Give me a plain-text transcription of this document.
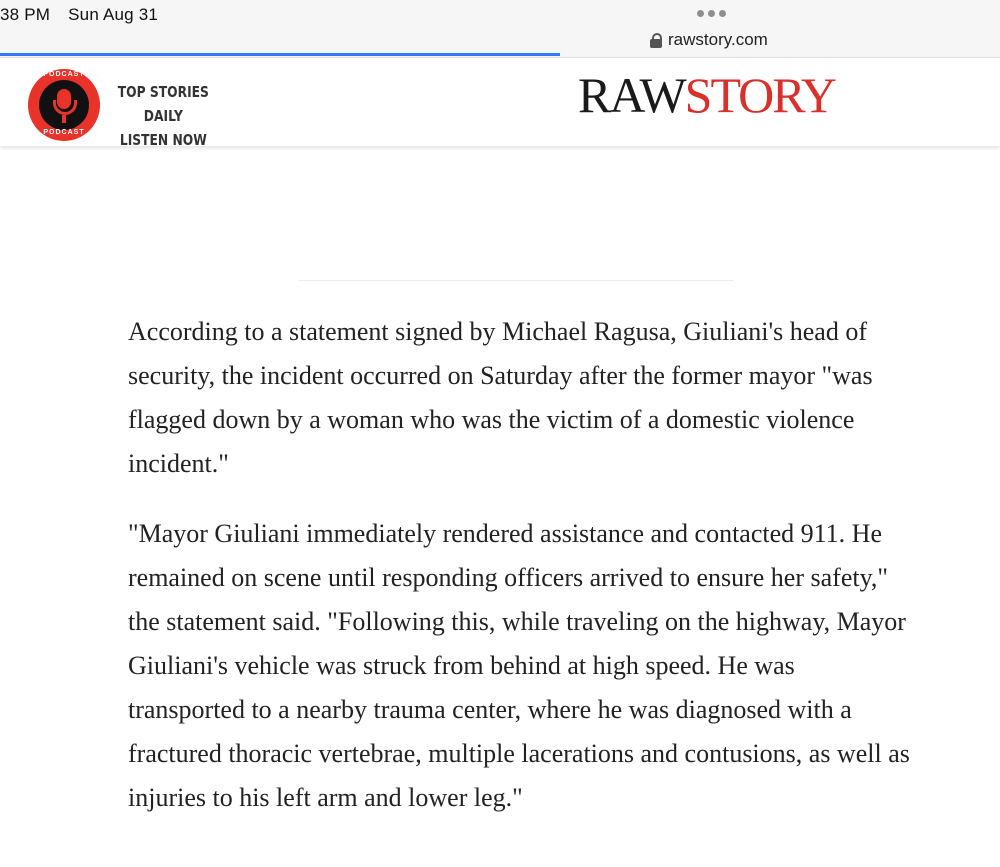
38 PM Sun Aug 31
rawstory.com
PODCAST
PODCAST
TOP STORIES DAILY
LISTEN NOW
RAWSTORY

According to a statement signed by Michael Ragusa, Giuliani's head of security, the incident occurred on Saturday after the former mayor "was flagged down by a woman who was the victim of a domestic violence incident."

"Mayor Giuliani immediately rendered assistance and contacted 911. He remained on scene until responding officers arrived to ensure her safety," the statement said. "Following this, while traveling on the highway, Mayor Giuliani's vehicle was struck from behind at high speed. He was transported to a nearby trauma center, where he was diagnosed with a fractured thoracic vertebrae, multiple lacerations and contusions, as well as injuries to his left arm and lower leg."
